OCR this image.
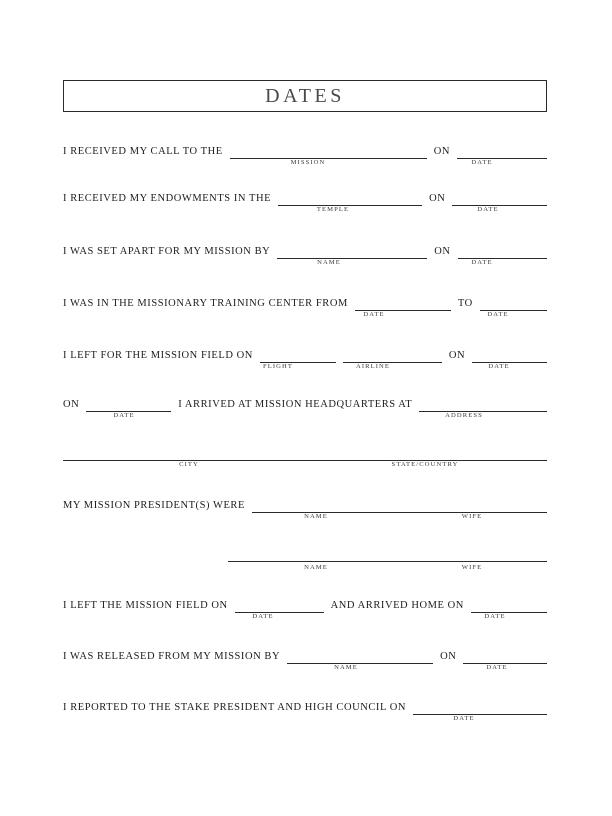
DATES
I RECEIVED MY CALL TO THE	ON
MISSION	DATE
I RECEIVED MY ENDOWMENTS IN THE	ON
TEMPLE	DATE
I WAS SET APART FOR MY MISSION BY	ON
NAME	DATE
I WAS IN THE MISSIONARY TRAINING CENTER FROM	TO
DATE	DATE
I LEFT FOR THE MISSION FIELD ON	ON
FLIGHT	AIRLINE	DATE
ON	I ARRIVED AT MISSION HEADQUARTERS AT
DATE	ADDRESS
CITY	STATE/COUNTRY
MY MISSION PRESIDENT(S) WERE
NAME	WIFE
NAME	WIFE
I LEFT THE MISSION FIELD ON	AND ARRIVED HOME ON
DATE	DATE
I WAS RELEASED FROM MY MISSION BY	ON
NAME	DATE
I REPORTED TO THE STAKE PRESIDENT AND HIGH COUNCIL ON
DATE
